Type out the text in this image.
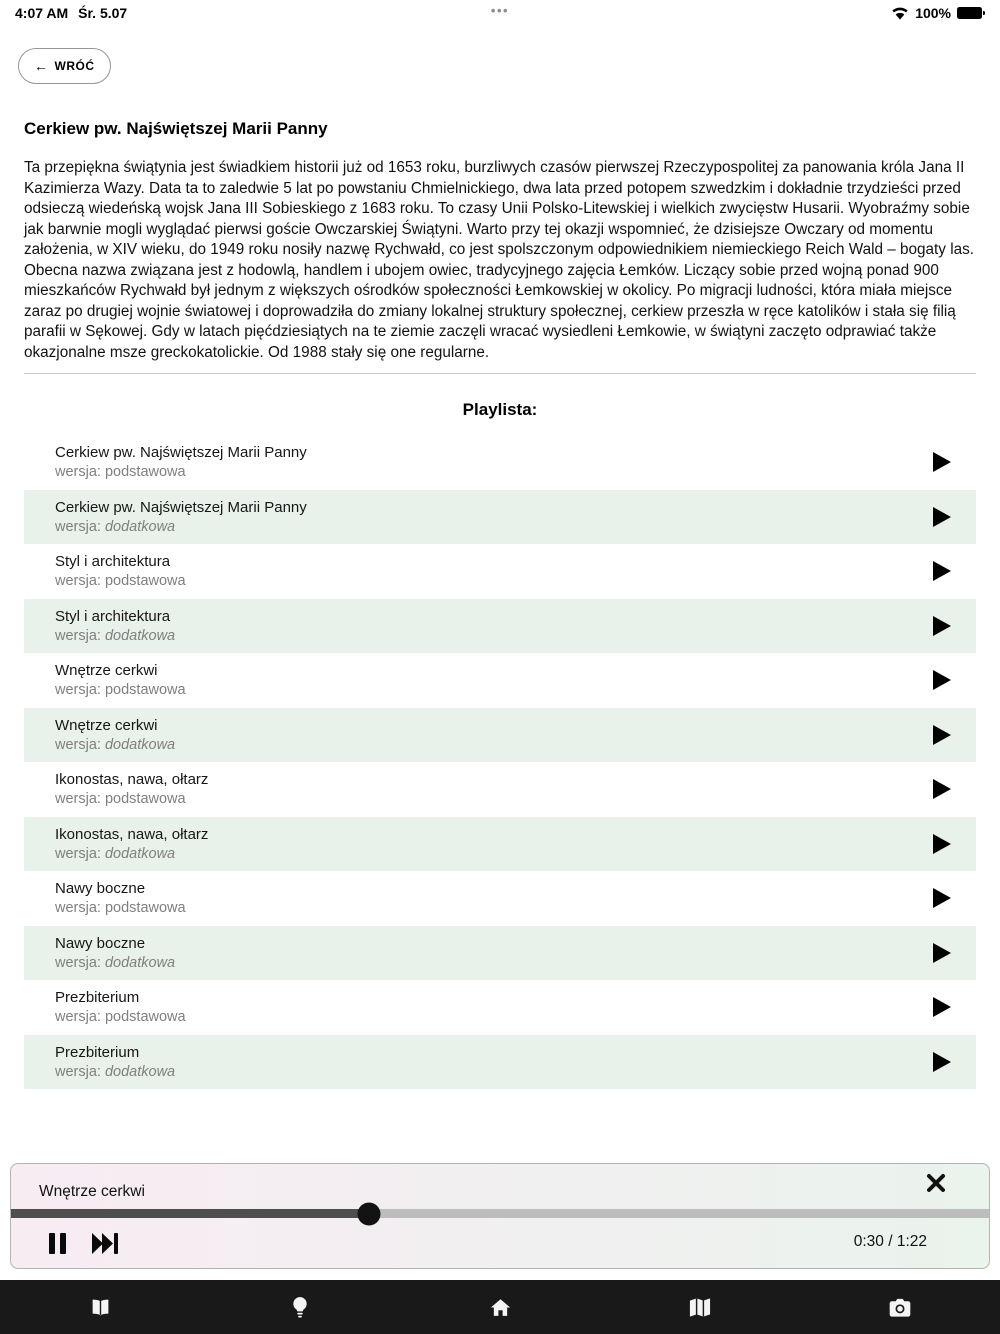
4:07 AM Śr. 5.07	•••	100%
← WRÓĆ
Cerkiew pw. Najświętszej Marii Panny

Ta przepiękna świątynia jest świadkiem historii już od 1653 roku, burzliwych czasów pierwszej Rzeczypospolitej za panowania króla Jana II Kazimierza Wazy. Data ta to zaledwie 5 lat po powstaniu Chmielnickiego, dwa lata przed potopem szwedzkim i dokładnie trzydzieści przed odsieczą wiedeńską wojsk Jana III Sobieskiego z 1683 roku. To czasy Unii Polsko-Litewskiej i wielkich zwycięstw Husarii. Wyobraźmy sobie jak barwnie mogli wyglądać pierwsi goście Owczarskiej Świątyni. Warto przy tej okazji wspomnieć, że dzisiejsze Owczary od momentu założenia, w XIV wieku, do 1949 roku nosiły nazwę Rychwałd, co jest spolszczonym odpowiednikiem niemieckiego Reich Wald – bogaty las. Obecna nazwa związana jest z hodowlą, handlem i ubojem owiec, tradycyjnego zajęcia Łemków. Liczący sobie przed wojną ponad 900 mieszkańców Rychwałd był jednym z większych ośrodków społeczności Łemkowskiej w okolicy. Po migracji ludności, która miała miejsce zaraz po drugiej wojnie światowej i doprowadziła do zmiany lokalnej struktury społecznej, cerkiew przeszła w ręce katolików i stała się filią parafii w Sękowej. Gdy w latach pięćdziesiątych na te ziemie zaczęli wracać wysiedleni Łemkowie, w świątyni zaczęto odprawiać także okazjonalne msze greckokatolickie. Od 1988 stały się one regularne.

Playlista:
Cerkiew pw. Najświętszej Marii Panny
wersja: podstawowa
Cerkiew pw. Najświętszej Marii Panny
wersja: dodatkowa
Styl i architektura
wersja: podstawowa
Styl i architektura
wersja: dodatkowa
Wnętrze cerkwi
wersja: podstawowa
Wnętrze cerkwi
wersja: dodatkowa
Ikonostas, nawa, ołtarz
wersja: podstawowa
Ikonostas, nawa, ołtarz
wersja: dodatkowa
Nawy boczne
wersja: podstawowa
Nawy boczne
wersja: dodatkowa
Prezbiterium
wersja: podstawowa
Prezbiterium
wersja: dodatkowa
Wnętrze cerkwi
0:30 / 1:22
